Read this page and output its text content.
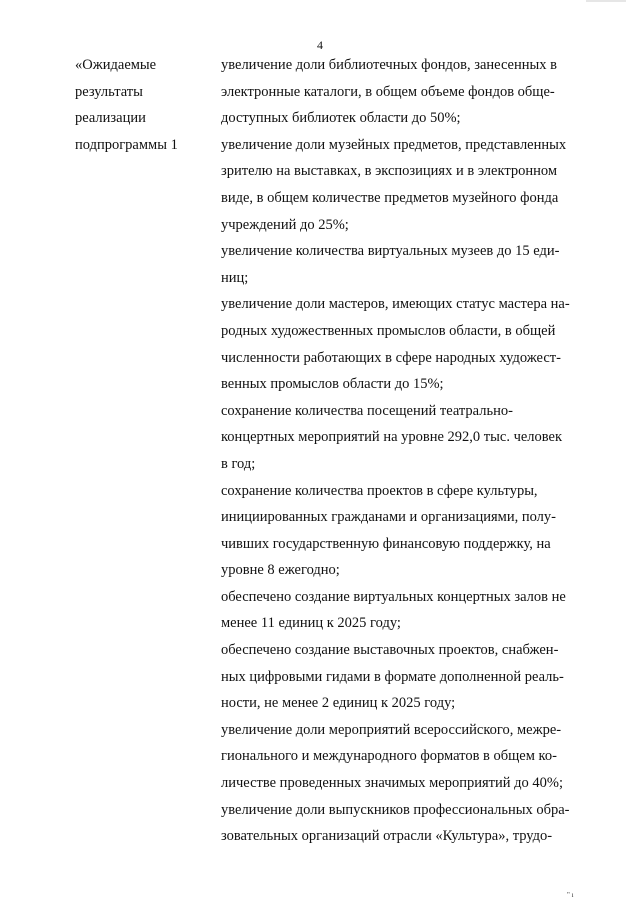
4
«Ожидаемые
результаты
реализации
подпрограммы 1
увеличение доли библиотечных фондов, занесенных в
электронные каталоги, в общем объеме фондов обще-
доступных библиотек области до 50%;
увеличение доли музейных предметов, представленных
зрителю на выставках, в экспозициях и в электронном
виде, в общем количестве предметов музейного фонда
учреждений до 25%;
увеличение количества виртуальных музеев до 15 еди-
ниц;
увеличение доли мастеров, имеющих статус мастера на-
родных художественных промыслов области, в общей
численности работающих в сфере народных художест-
венных промыслов области до 15%;
сохранение количества посещений театрально-
концертных мероприятий на уровне 292,0 тыс. человек
в год;
сохранение количества проектов в сфере культуры,
инициированных гражданами и организациями, полу-
чивших государственную финансовую поддержку, на
уровне 8 ежегодно;
обеспечено создание виртуальных концертных залов не
менее 11 единиц к 2025 году;
обеспечено создание выставочных проектов, снабжен-
ных цифровыми гидами в формате дополненной реаль-
ности, не менее 2 единиц к 2025 году;
увеличение доли мероприятий всероссийского, межре-
гионального и международного форматов в общем ко-
личестве проведенных значимых мероприятий до 40%;
увеличение доли выпускников профессиональных обра-
зовательных организаций отрасли «Культура», трудо-
" ı
